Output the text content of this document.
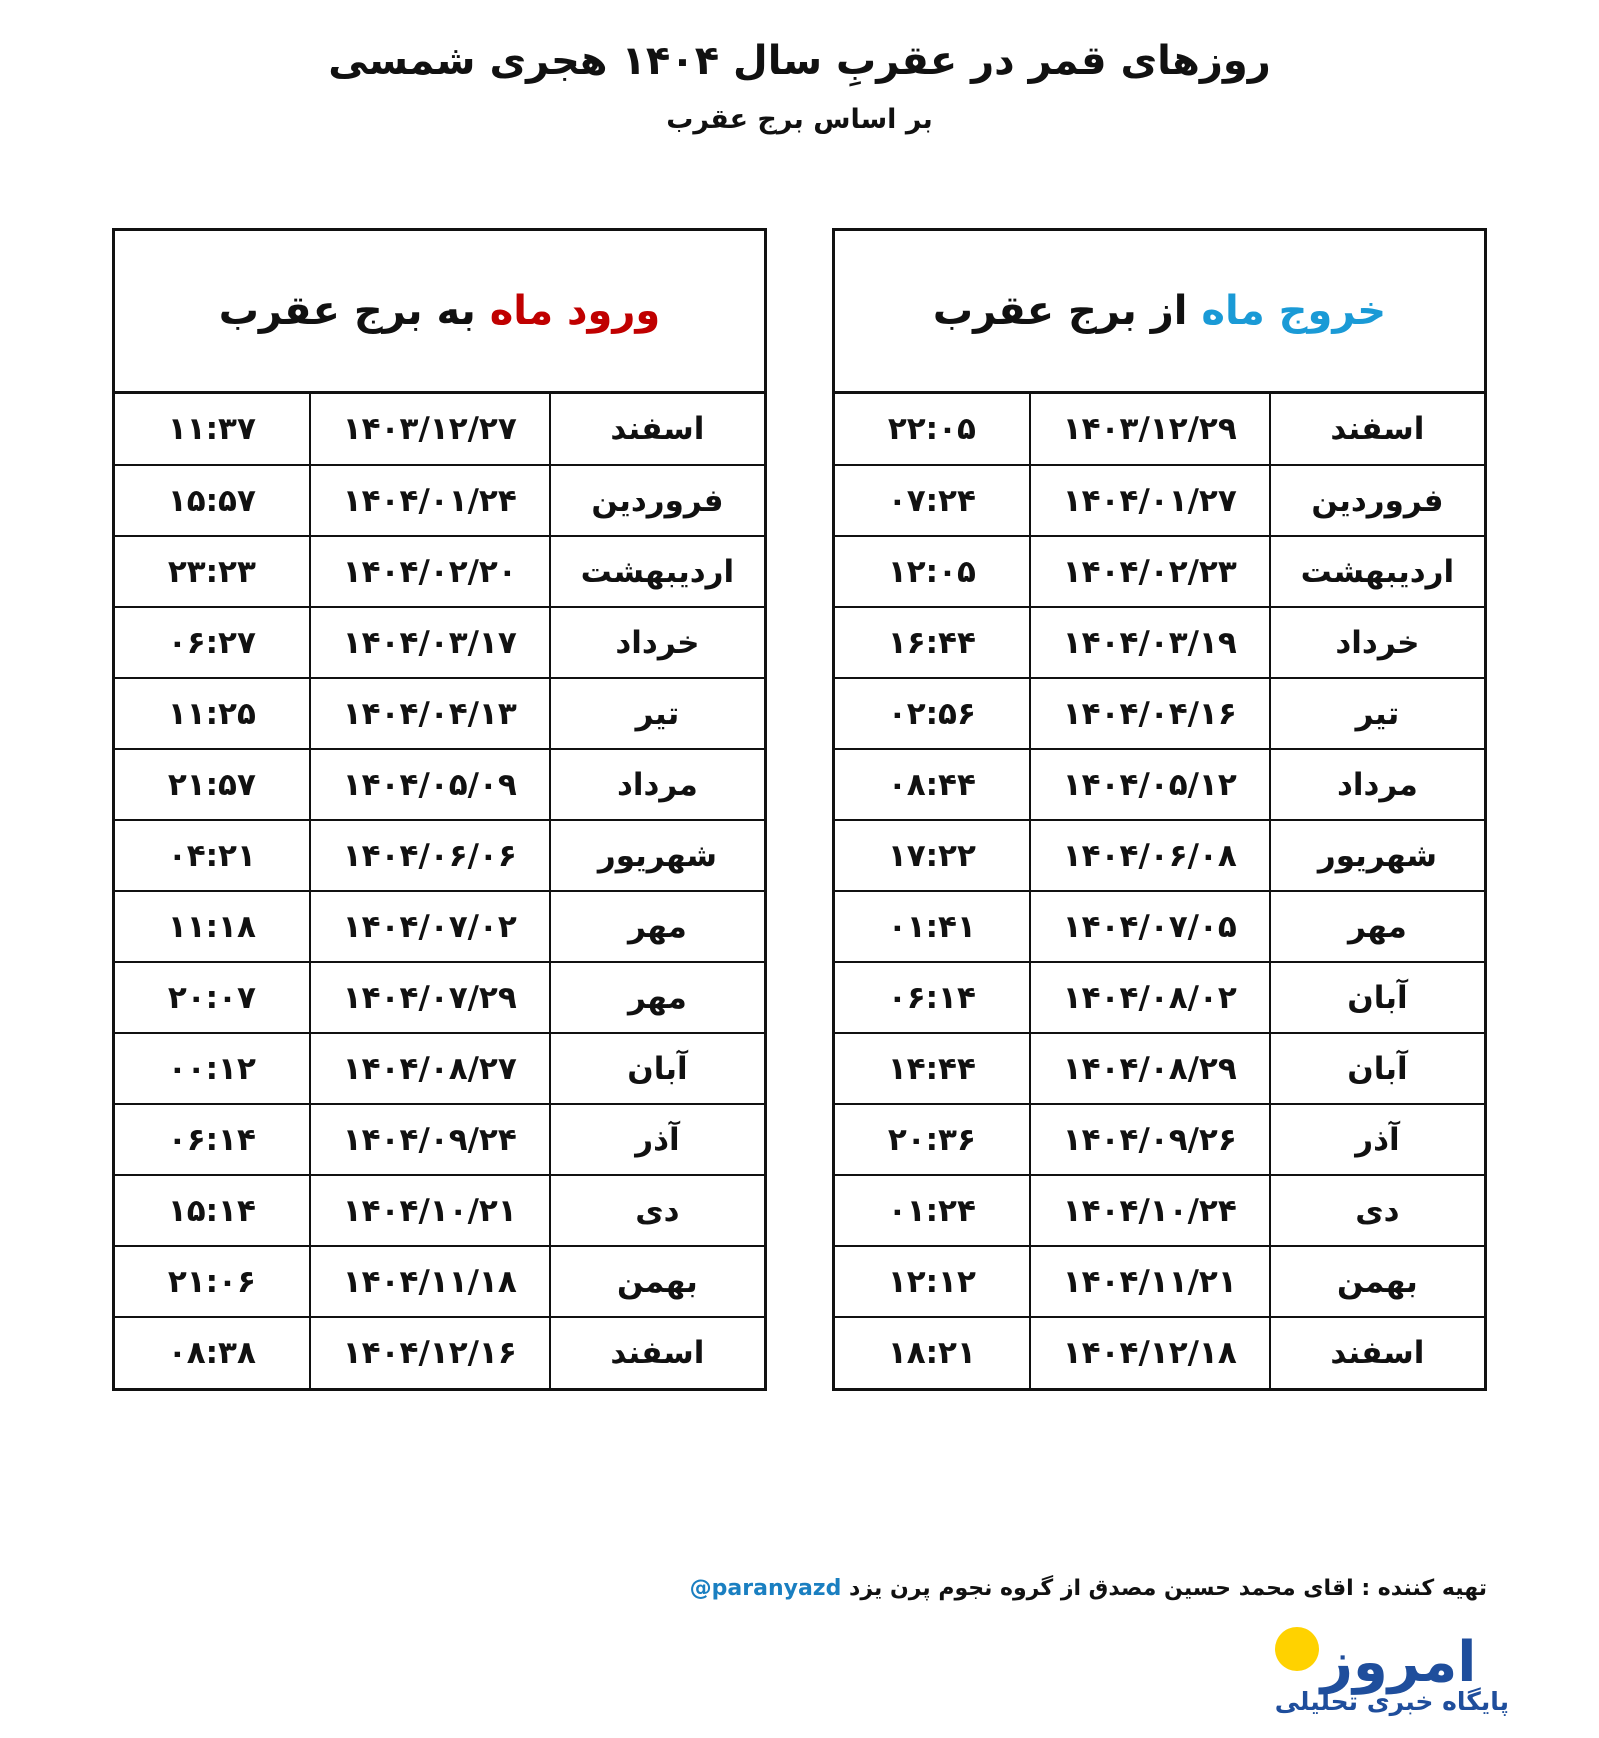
روزهای قمر در عقربِ سال ۱۴۰۴ هجری شمسی
بر اساس برج عقرب
خروج ماه از برج عقرب
اسفند	۱۴۰۳/۱۲/۲۹	۲۲:۰۵
فروردین	۱۴۰۴/۰۱/۲۷	۰۷:۲۴
اردیبهشت	۱۴۰۴/۰۲/۲۳	۱۲:۰۵
خرداد	۱۴۰۴/۰۳/۱۹	۱۶:۴۴
تیر	۱۴۰۴/۰۴/۱۶	۰۲:۵۶
مرداد	۱۴۰۴/۰۵/۱۲	۰۸:۴۴
شهریور	۱۴۰۴/۰۶/۰۸	۱۷:۲۲
مهر	۱۴۰۴/۰۷/۰۵	۰۱:۴۱
آبان	۱۴۰۴/۰۸/۰۲	۰۶:۱۴
آبان	۱۴۰۴/۰۸/۲۹	۱۴:۴۴
آذر	۱۴۰۴/۰۹/۲۶	۲۰:۳۶
دی	۱۴۰۴/۱۰/۲۴	۰۱:۲۴
بهمن	۱۴۰۴/۱۱/۲۱	۱۲:۱۲
اسفند	۱۴۰۴/۱۲/۱۸	۱۸:۲۱
ورود ماه به برج عقرب
اسفند	۱۴۰۳/۱۲/۲۷	۱۱:۳۷
فروردین	۱۴۰۴/۰۱/۲۴	۱۵:۵۷
اردیبهشت	۱۴۰۴/۰۲/۲۰	۲۳:۲۳
خرداد	۱۴۰۴/۰۳/۱۷	۰۶:۲۷
تیر	۱۴۰۴/۰۴/۱۳	۱۱:۲۵
مرداد	۱۴۰۴/۰۵/۰۹	۲۱:۵۷
شهریور	۱۴۰۴/۰۶/۰۶	۰۴:۲۱
مهر	۱۴۰۴/۰۷/۰۲	۱۱:۱۸
مهر	۱۴۰۴/۰۷/۲۹	۲۰:۰۷
آبان	۱۴۰۴/۰۸/۲۷	۰۰:۱۲
آذر	۱۴۰۴/۰۹/۲۴	۰۶:۱۴
دی	۱۴۰۴/۱۰/۲۱	۱۵:۱۴
بهمن	۱۴۰۴/۱۱/۱۸	۲۱:۰۶
اسفند	۱۴۰۴/۱۲/۱۶	۰۸:۳۸
تهیه کننده : اقای محمد حسین مصدق از گروه نجوم پرن یزد @paranyazd
امروز
پایگاه خبری تحلیلی
